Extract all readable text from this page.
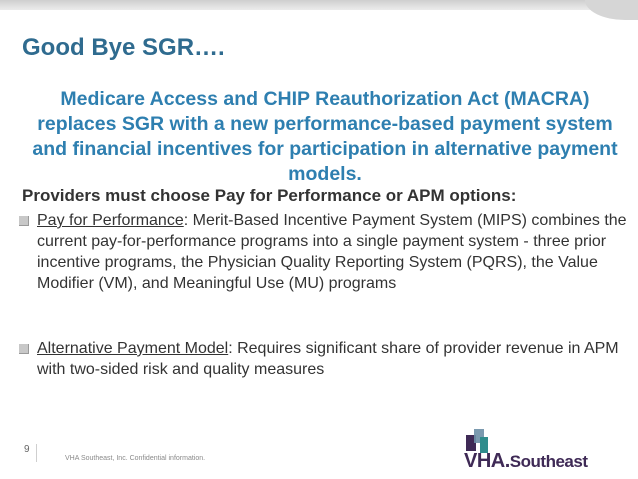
Good Bye SGR….
Medicare Access and CHIP Reauthorization Act (MACRA) replaces SGR with a new performance-based payment system and financial incentives for participation in alternative payment models.
Providers must choose Pay for Performance or APM options:
Pay for Performance: Merit-Based Incentive Payment System (MIPS) combines the current pay-for-performance programs into a single payment system - three prior incentive programs, the Physician Quality Reporting System (PQRS), the Value Modifier (VM), and Meaningful Use (MU) programs
Alternative Payment Model: Requires significant share of provider revenue in APM with two-sided risk and quality measures
9
VHA Southeast, Inc. Confidential information.	VHA.Southeast
